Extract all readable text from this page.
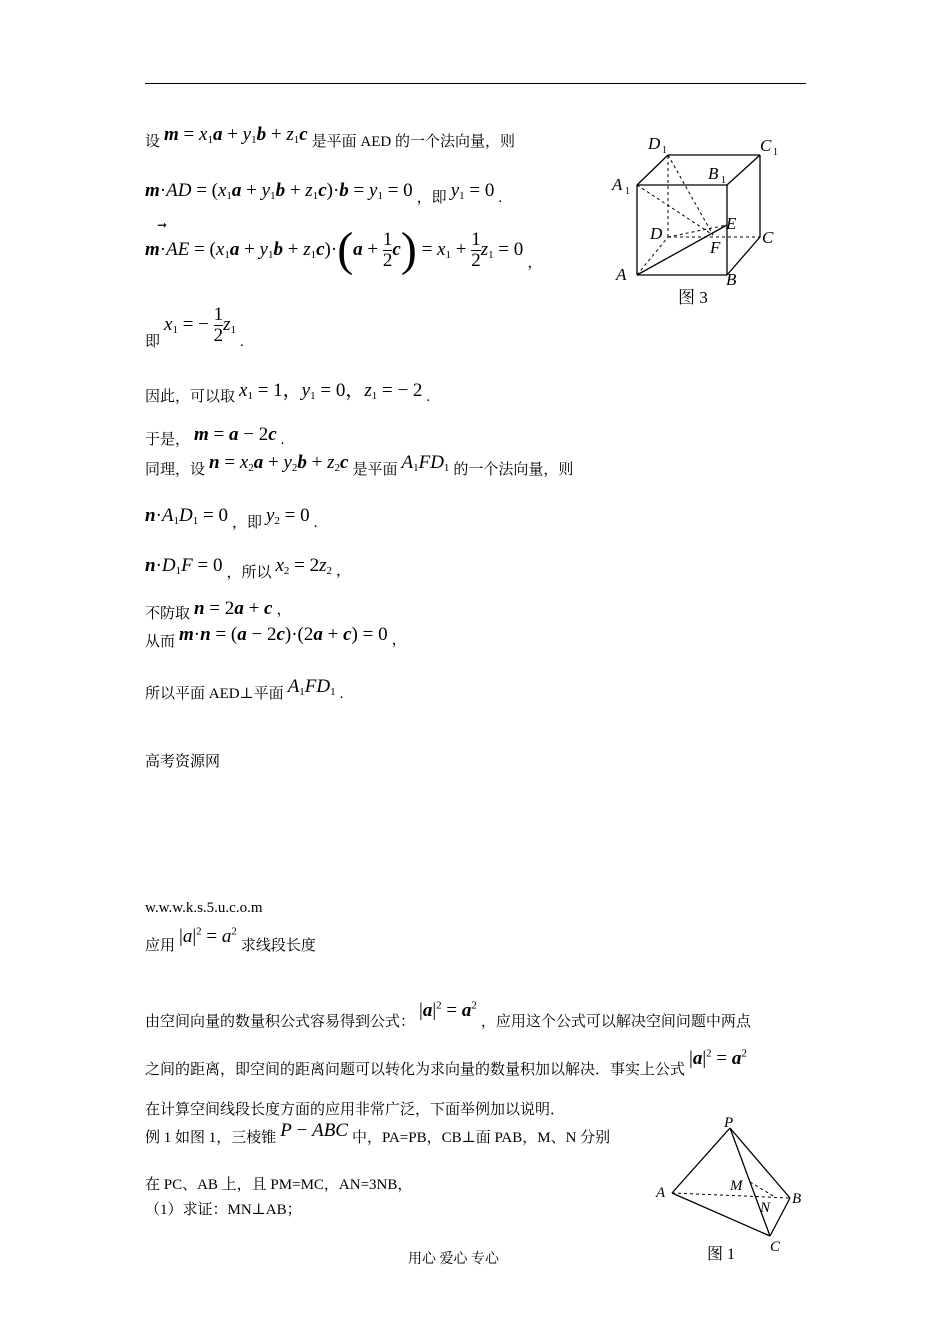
设 $m = x_1a + y_1b + z_1c$ 是平面 AED 的一个法向量，则
$m\cdot AD = (x_1a + y_1b + z_1c)\cdot b = y_1 = 0$ ，即 $y_1 = 0$ .
➞
$m\cdot AE = (x_1a + y_1b + z_1c)\cdot(a + \frac{1}{2} c) = x_1 + \frac{1}{2} z_1 = 0$ ，
即 $x_1$ = − $\frac{1}{2} z_1$ .
因此，可以取 $x_1 = 1$，$y_1 = 0$，$z_1$ = − 2 .
于是， m = a − 2c .
同理，设 $n = x_2a + y_2b + z_2c$ 是平面 $A_1FD_1$ 的一个法向量，则
$n\cdot A_1D_1 = 0$ ，即 $y_2 = 0$ .
$n\cdot D_1F = 0$ ，所以 $x_2 = 2z_2$ ，
不防取 n = 2a + c ，
从而 m·n = (a − 2c)·(2a + c) = 0 ，
所以平面 AED⊥平面 $A_1FD_1$ .
高考资源网
w.w.w.k.s.5.u.c.o.m
应用 $|a|^2 = a^2$ 求线段长度
由空间向量的数量积公式容易得到公式： $|a|^2 = a^2$ ，应用这个公式可以解决空间问题中两点
之间的距离，即空间的距离问题可以转化为求向量的数量积加以解决．事实上公式 $|a|^2 = a^2$
在计算空间线段长度方面的应用非常广泛，下面举例加以说明．
例 1 如图 1，三棱锥 P − ABC 中，PA=PB，CB⊥面 PAB，M、N 分别
在 PC、AB 上，且 PM=MC，AN=3NB，
（1）求证：MN⊥AB；
用心 爱心 专心
D 1	C 1
A 1
B 1
D
E
C
F
A	B
图 3
P
A	M
B
N
C
图 1
